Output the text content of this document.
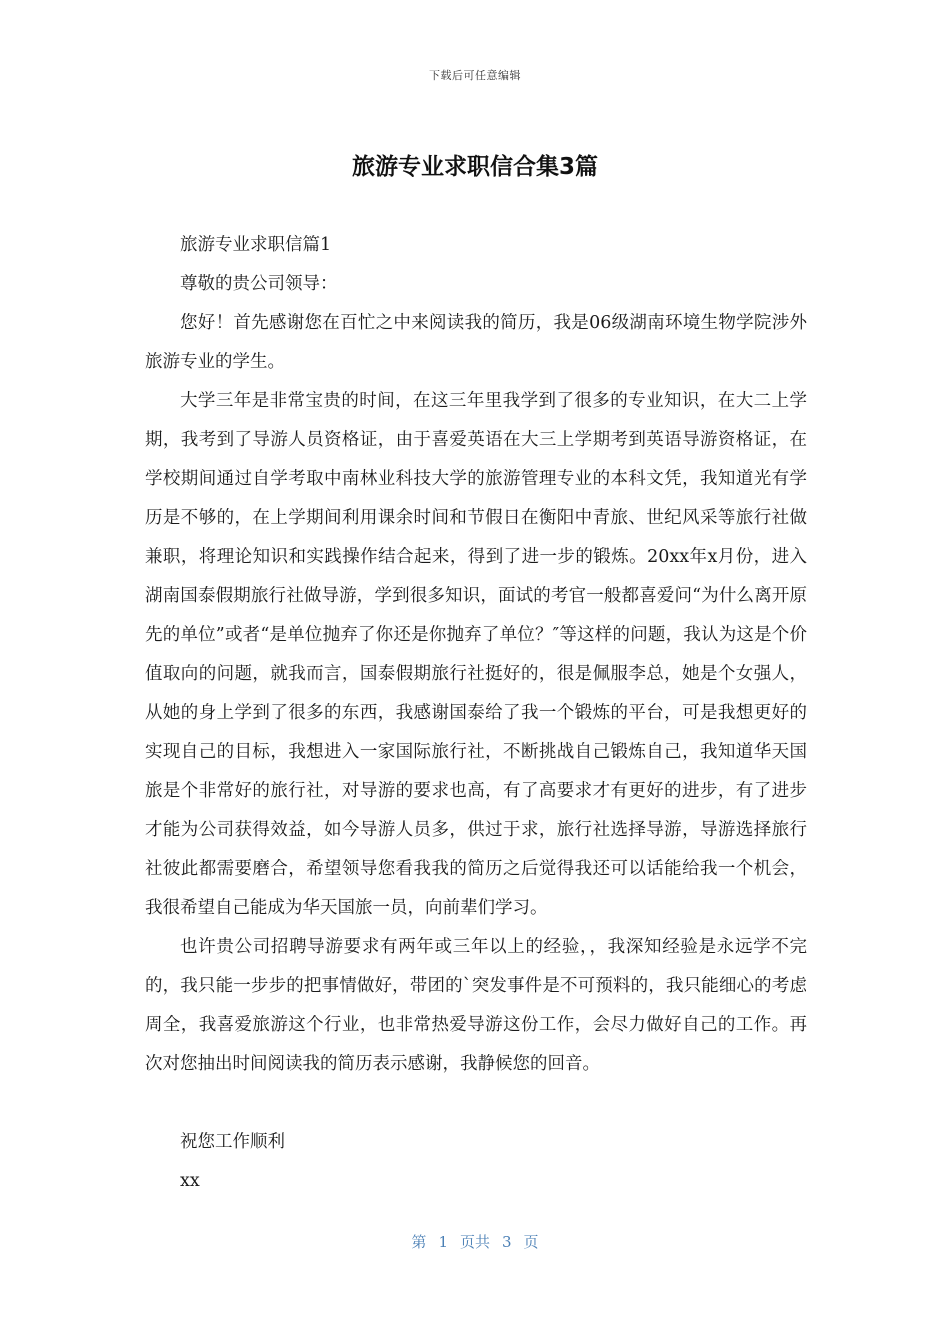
下载后可任意编辑
旅游专业求职信合集3篇

旅游专业求职信篇1

尊敬的贵公司领导：

您好！首先感谢您在百忙之中来阅读我的简历，我是06级湖南环境生物学院涉外旅游专业的学生。

大学三年是非常宝贵的时间，在这三年里我学到了很多的专业知识，在大二上学期，我考到了导游人员资格证，由于喜爱英语在大三上学期考到英语导游资格证，在学校期间通过自学考取中南林业科技大学的旅游管理专业的本科文凭，我知道光有学历是不够的，在上学期间利用课余时间和节假日在衡阳中青旅、世纪风采等旅行社做兼职，将理论知识和实践操作结合起来，得到了进一步的锻炼。20xx年x月份，进入湖南国泰假期旅行社做导游，学到很多知识，面试的考官一般都喜爱问“为什么离开原先的单位”或者“是单位抛弃了你还是你抛弃了单位？″等这样的问题，我认为这是个价值取向的问题，就我而言，国泰假期旅行社挺好的，很是佩服李总，她是个女强人，从她的身上学到了很多的东西，我感谢国泰给了我一个锻炼的平台，可是我想更好的实现自己的目标，我想进入一家国际旅行社，不断挑战自己锻炼自己，我知道华天国旅是个非常好的旅行社，对导游的要求也高，有了高要求才有更好的进步，有了进步才能为公司获得效益，如今导游人员多，供过于求，旅行社选择导游，导游选择旅行社彼此都需要磨合，希望领导您看我我的简历之后觉得我还可以话能给我一个机会，我很希望自己能成为华天国旅一员，向前辈们学习。

也许贵公司招聘导游要求有两年或三年以上的经验，，我深知经验是永远学不完的，我只能一步步的把事情做好，带团的`突发事件是不可预料的，我只能细心的考虑周全，我喜爱旅游这个行业，也非常热爱导游这份工作，会尽力做好自己的工作。再次对您抽出时间阅读我的简历表示感谢，我静候您的回音。

祝您工作顺利

xx

第 1 页共 3 页
